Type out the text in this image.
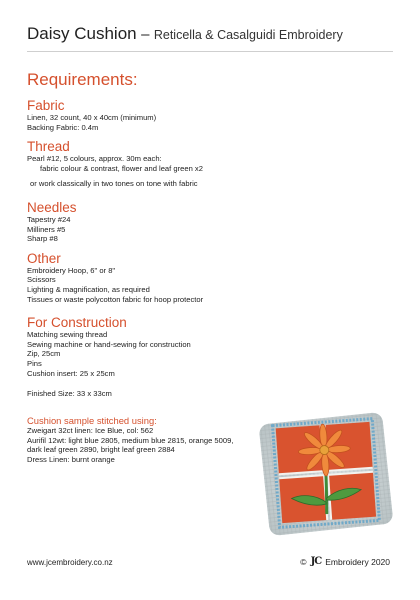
Daisy Cushion – Reticella & Casalguidi Embroidery

Requirements:

Fabric

Linen, 32 count, 40 x 40cm (minimum)

Backing Fabric: 0.4m

Thread

Pearl #12, 5 colours, approx. 30m each:

fabric colour & contrast, flower and leaf green x2

or work classically in two tones on tone with fabric

Needles

Tapestry #24

Milliners #5

Sharp #8

Other

Embroidery Hoop, 6" or 8"

Scissors

Lighting & magnification, as required

Tissues or waste polycotton fabric for hoop protector

For Construction

Matching sewing thread

Sewing machine or hand-sewing for construction

Zip, 25cm

Pins

Cushion insert: 25 x 25cm

Finished Size: 33 x 33cm

Cushion sample stitched using:

Zweigart 32ct linen: Ice Blue, col: 562

Aurifil 12wt: light blue 2805, medium blue 2815, orange 5009, dark leaf green 2890, bright leaf green 2884

Dress Linen: burnt orange

www.jcembroidery.co.nz	© JC Embroidery 2020
